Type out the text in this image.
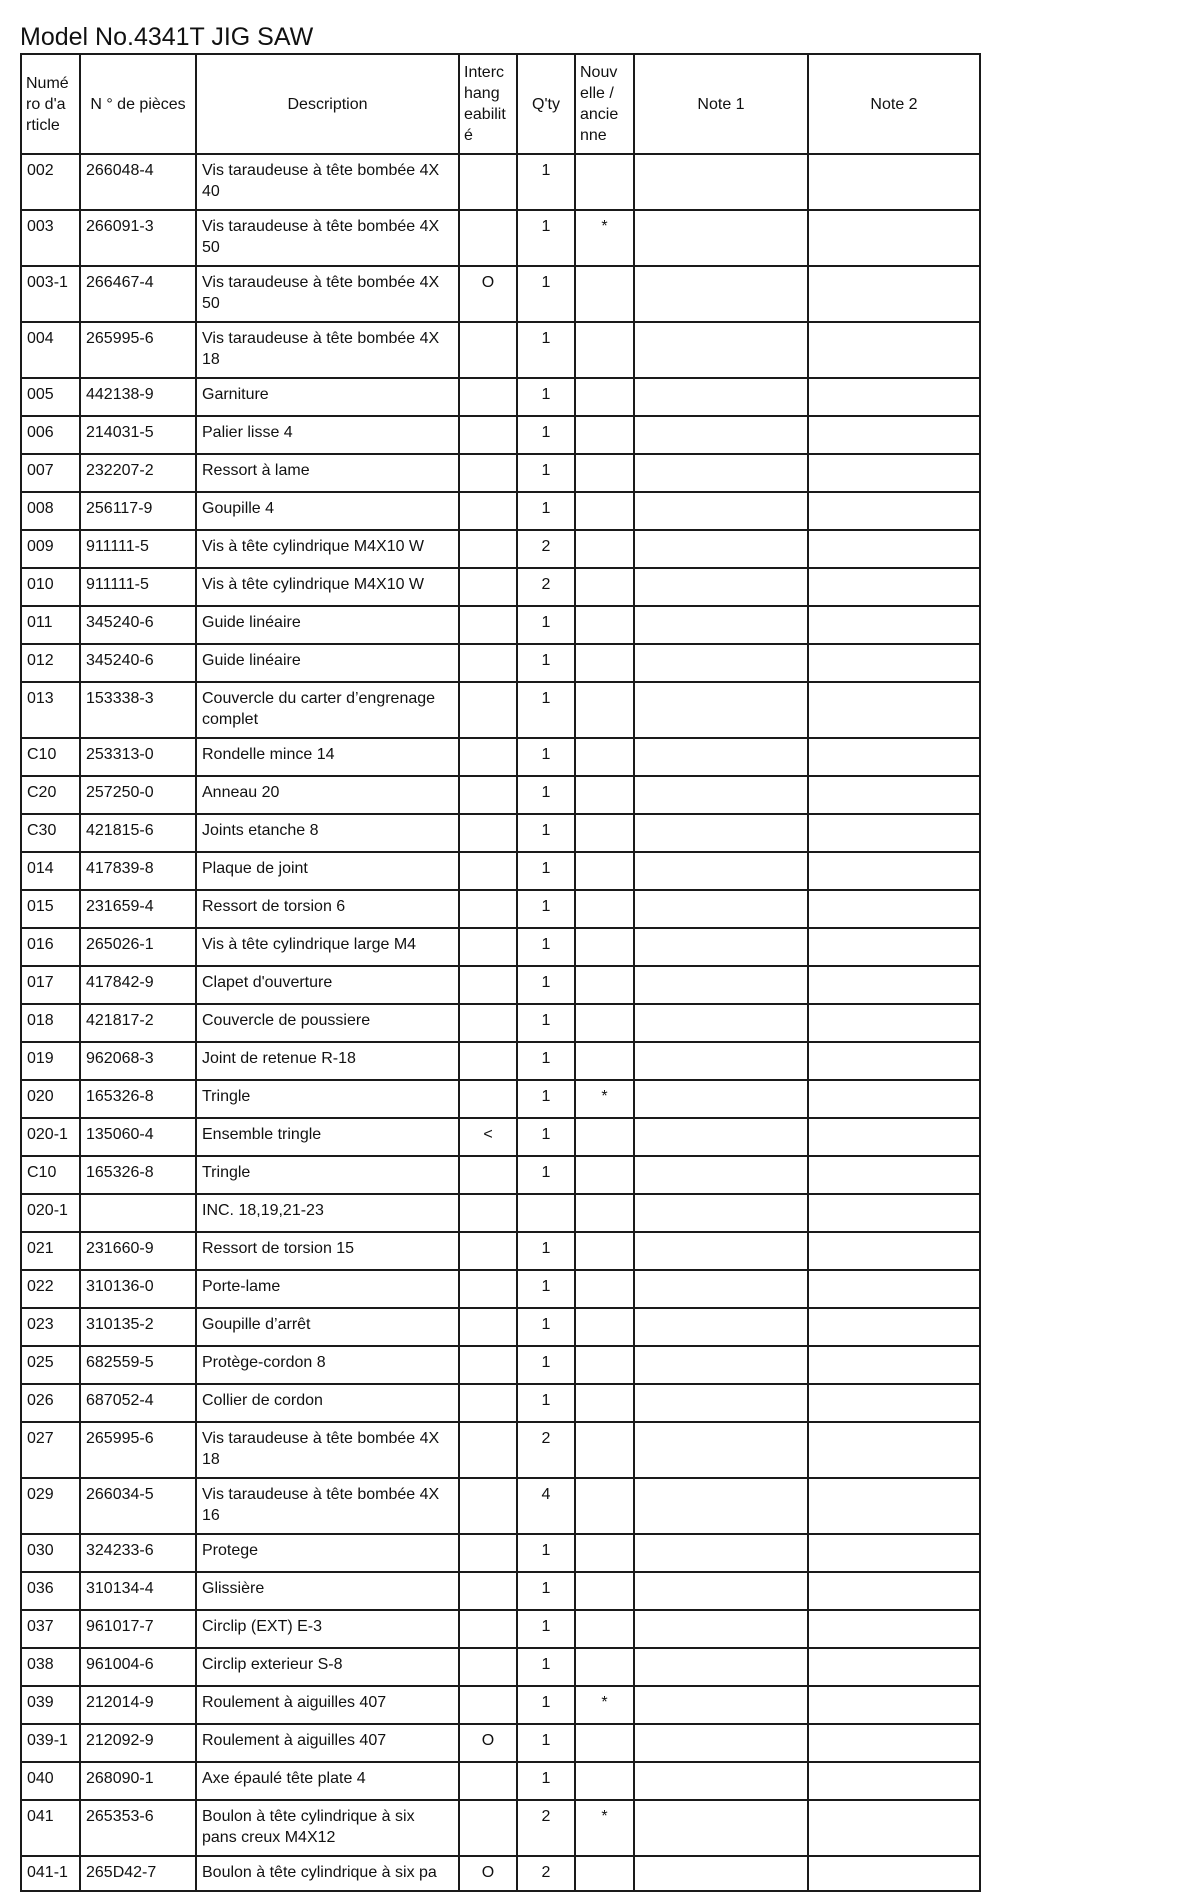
Model No.4341T JIG SAW
Numé ro d'a rticle	N ° de pièces	Description	Interc hang eabilit é	Q'ty	Nouv elle / ancie nne	Note 1	Note 2
002	266048-4	Vis taraudeuse à tête bombée 4X 40		1			
003	266091-3	Vis taraudeuse à tête bombée 4X 50		1	*		
003-1	266467-4	Vis taraudeuse à tête bombée 4X 50	O	1			
004	265995-6	Vis taraudeuse à tête bombée 4X 18		1			
005	442138-9	Garniture		1			
006	214031-5	Palier lisse 4		1			
007	232207-2	Ressort à lame		1			
008	256117-9	Goupille 4		1			
009	911111-5	Vis à tête cylindrique M4X10 W		2			
010	911111-5	Vis à tête cylindrique M4X10 W		2			
011	345240-6	Guide linéaire		1			
012	345240-6	Guide linéaire		1			
013	153338-3	Couvercle du carter d’engrenage complet		1			
C10	253313-0	Rondelle mince 14		1			
C20	257250-0	Anneau 20		1			
C30	421815-6	Joints etanche 8		1			
014	417839-8	Plaque de joint		1			
015	231659-4	Ressort de torsion 6		1			
016	265026-1	Vis à tête cylindrique large M4		1			
017	417842-9	Clapet d'ouverture		1			
018	421817-2	Couvercle de poussiere		1			
019	962068-3	Joint de retenue R-18		1			
020	165326-8	Tringle		1	*		
020-1	135060-4	Ensemble tringle	<	1			
C10	165326-8	Tringle		1			
020-1		INC. 18,19,21-23					
021	231660-9	Ressort de torsion 15		1			
022	310136-0	Porte-lame		1			
023	310135-2	Goupille d’arrêt		1			
025	682559-5	Protège-cordon 8		1			
026	687052-4	Collier de cordon		1			
027	265995-6	Vis taraudeuse à tête bombée 4X 18		2			
029	266034-5	Vis taraudeuse à tête bombée 4X 16		4			
030	324233-6	Protege		1			
036	310134-4	Glissière		1			
037	961017-7	Circlip (EXT) E-3		1			
038	961004-6	Circlip exterieur S-8		1			
039	212014-9	Roulement à aiguilles 407		1	*		
039-1	212092-9	Roulement à aiguilles 407	O	1			
040	268090-1	Axe épaulé tête plate 4		1			
041	265353-6	Boulon à tête cylindrique à six pans creux M4X12		2	*		
041-1	265D42-7	Boulon à tête cylindrique à six pa	O	2			
